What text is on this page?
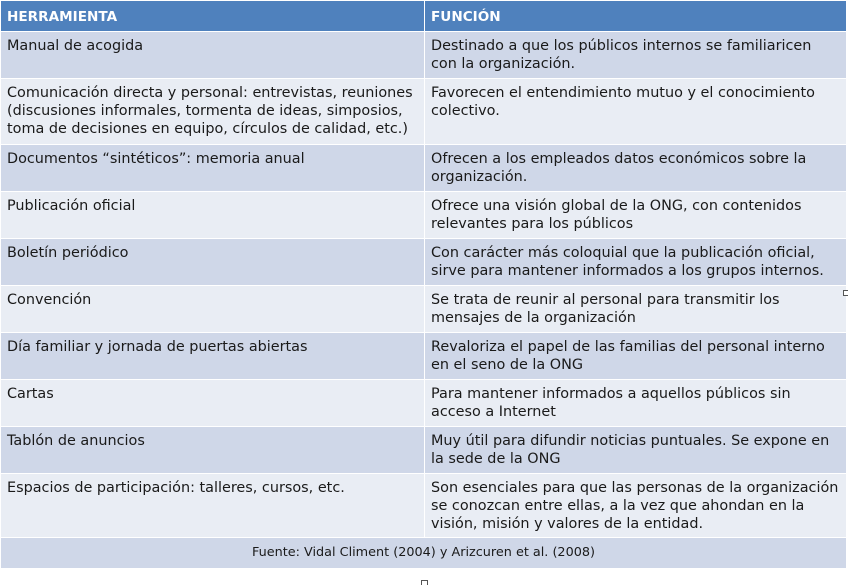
HERRAMIENTA	FUNCIÓN
Manual de acogida	Destinado a que los públicos internos se familiaricen con la organización.
Comunicación directa y personal: entrevistas, reuniones (discusiones informales, tormenta de ideas, simposios, toma de decisiones en equipo, círculos de calidad, etc.)	Favorecen el entendimiento mutuo y el conocimiento colectivo.
Documentos “sintéticos”: memoria anual	Ofrecen a los empleados datos económicos sobre la organización.
Publicación oficial	Ofrece una visión global de la ONG, con contenidos relevantes para los públicos
Boletín periódico	Con carácter más coloquial que la publicación oficial, sirve para mantener informados a los grupos internos.
Convención	Se trata de reunir al personal para transmitir los mensajes de la organización
Día familiar y jornada de puertas abiertas	Revaloriza el papel de las familias del personal interno en el seno de la ONG
Cartas	Para mantener informados a aquellos públicos sin acceso a Internet
Tablón de anuncios	Muy útil para difundir noticias puntuales. Se expone en la sede de la ONG
Espacios de participación: talleres, cursos, etc.	Son esenciales para que las personas de la organización se conozcan entre ellas, a la vez que ahondan en la visión, misión y valores de la entidad.
Fuente: Vidal Climent (2004) y Arizcuren et al. (2008)	
